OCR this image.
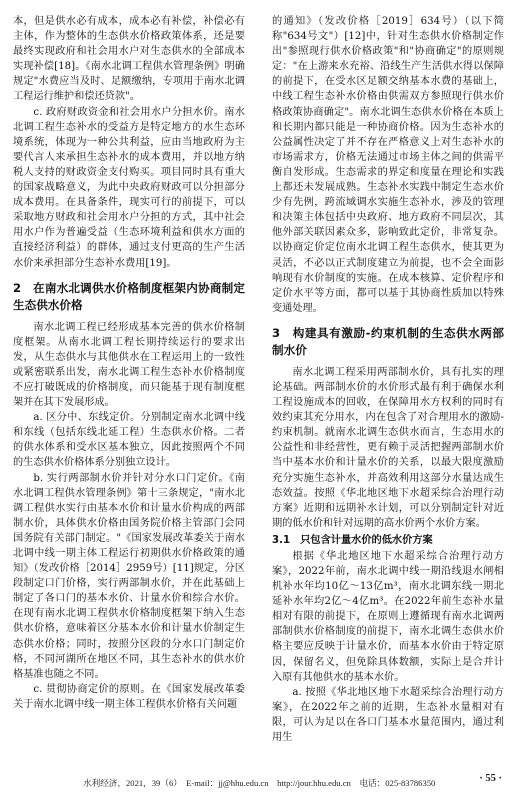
本，但是供水必有成本，成本必有补偿，补偿必有主体，作为整体的生态供水价格政策体系，还是要最终实现政府和社会用水户对生态供水的全部成本实现补偿[18]。《南水北调工程供水管理条例》明确规定"水费应当及时、足额缴纳，专项用于南水北调工程运行维护和偿还贷款"。

c. 政府财政资金和社会用水户分担水价。南水北调工程生态补水的受益方是特定地方的水生态环境系统，体现为一种公共利益，应由当地政府为主要代言人来承担生态补水的成本费用，并以地方纳税人支持的财政资金支付购买。项目同时具有重大的国家战略意义，为此中央政府财政可以分担部分成本费用。在具备条件，现实可行的前提下，可以采取地方财政和社会用水户分担的方式，其中社会用水户作为普遍受益（生态环境利益和供水方面的直接经济利益）的群体，通过支付更高的生产生活水价来承担部分生态补水费用[19]。

2　在南水北调供水价格制度框架内协商制定生态供水价格

南水北调工程已经形成基本完善的供水价格制度框架。从南水北调工程长期持续运行的要求出发，从生态供水与其他供水在工程运用上的一致性或紧密联系出发，南水北调工程生态补水价格制度不应打破既成的价格制度，而只能基于现有制度框架并在其下发展形成。

a. 区分中、东线定价。分别制定南水北调中线和东线（包括东线北延工程）生态供水价格。二者的供水体系和受水区基本独立，因此按照两个不同的生态供水价格体系分别独立设计。

b. 实行两部制水价并针对分水口门定价。《南水北调工程供水管理条例》第十三条规定，"南水北调工程供水实行由基本水价和计量水价构成的两部制水价，具体供水价格由国务院价格主管部门会同国务院有关部门制定。"《国家发展改革委关于南水北调中线一期主体工程运行初期供水价格政策的通知》（发改价格［2014］2959号）[11]规定，分区段制定口门价格，实行两部制水价，并在此基础上制定了各口门的基本水价、计量水价和综合水价。在现有南水北调工程供水价格制度框架下纳入生态供水价格，意味着区分基本水价和计量水价制定生态供水价格；同时，按照分区段的分水口门制定价格，不同河湖所在地区不同，其生态补水的供水价格基准也随之不同。

c. 贯彻协商定价的原则。在《国家发展改革委关于南水北调中线一期主体工程供水价格有关问题

的通知》（发改价格［2019］634号）（以下简称"634号文"）[12]中，针对生态供水价格制定作出"参照现行供水价格政策"和"协商确定"的原则规定："在上游来水充裕、沿线生产生活供水得以保障的前提下，在受水区足额交纳基本水费的基础上，中线工程生态补水价格由供需双方参照现行供水价格政策协商确定"。南水北调生态供水价格在本质上和长期内都只能是一种协商价格。因为生态补水的公益属性决定了并不存在严格意义上对生态补水的市场需求方，价格无法通过市场主体之间的供需平衡自发形成。生态需求的界定和度量在理论和实践上都还未发展成熟。生态补水实践中制定生态水价少有先例，跨流域调水实施生态补水，涉及的管理和决策主体包括中央政府、地方政府不同层次，其他外部关联因素众多，影响致此定价，非常复杂。以协商定价定位南水北调工程生态供水，使其更为灵活，不必以正式制度建立为前提，也不会全面影响现有水价制度的实施。在成本核算、定价程序和定价水平等方面，都可以基于其协商性质加以特殊变通处理。

3　构建具有激励-约束机制的生态供水两部制水价

南水北调工程采用两部制水价，具有扎实的理论基础。两部制水价的水价形式最有利于确保水利工程设施成本的回收，在保障用水方权利的同时有效约束其充分用水，内在包含了对合理用水的激励-约束机制。就南水北调生态供水而言，生态用水的公益性和非经营性，更有赖于灵活把握两部制水价当中基本水价和计量水价的关系，以最大限度激励充分实施生态补水，并高效利用这部分水量达成生态效益。按照《华北地区地下水超采综合治理行动方案》近期和远期补水计划，可以分别制定针对近期的低水价和针对远期的高水价两个水价方案。

3.1　只包含计量水价的低水价方案

根据《华北地区地下水超采综合治理行动方案》，2022年前，南水北调中线一期沿线退水闸相机补水年均10亿～13亿m³，南水北调东线一期北延补水年均2亿～4亿m³。在2022年前生态补水量相对有限的前提下，在原则上遵循现有南水北调两部制供水价格制度的前提下，南水北调生态供水价格主要应反映于计量水价，而基本水价由于特定原因，保留名义，但免除具体数额，实际上是合并计入原有其他供水的基本水价。

a. 按照《华北地区地下水超采综合治理行动方案》，在2022年之前的近期，生态补水量相对有限，可认为足以在各口门基本水量范围内，通过利用生

水利经济，2021，39（6）　E-mail：jj@hhu.edu.cn　http://jour.hhu.edu.cn　电话：025-83786350	· 55 ·
